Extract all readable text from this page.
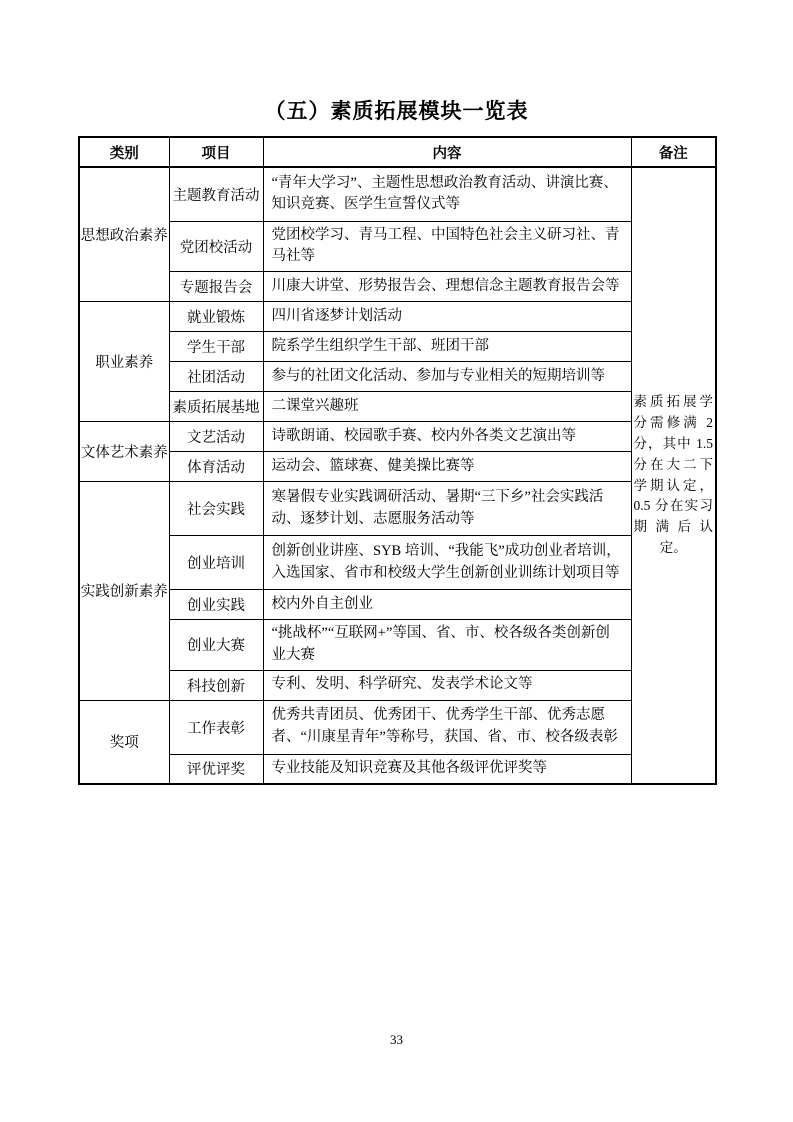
（五）素质拓展模块一览表
类别	项目	内容	备注
思想政治素养	主题教育活动	“青年大学习”、主题性思想政治教育活动、讲演比赛、知识竞赛、医学生宣誓仪式等	素质拓展学分需修满 2 分，其中 1.5 分在大二下学期认定，0.5 分在实习期满后认定。
	党团校活动	党团校学习、青马工程、中国特色社会主义研习社、青马社等	
	专题报告会	川康大讲堂、形势报告会、理想信念主题教育报告会等	
职业素养	就业锻炼	四川省逐梦计划活动	
	学生干部	院系学生组织学生干部、班团干部	
	社团活动	参与的社团文化活动、参加与专业相关的短期培训等	
	素质拓展基地	二课堂兴趣班	
文体艺术素养	文艺活动	诗歌朗诵、校园歌手赛、校内外各类文艺演出等	
	体育活动	运动会、篮球赛、健美操比赛等	
实践创新素养	社会实践	寒暑假专业实践调研活动、暑期“三下乡”社会实践活动、逐梦计划、志愿服务活动等	
	创业培训	创新创业讲座、SYB 培训、“我能飞”成功创业者培训，入选国家、省市和校级大学生创新创业训练计划项目等	
	创业实践	校内外自主创业	
	创业大赛	“挑战杯”“互联网+”等国、省、市、校各级各类创新创业大赛	
	科技创新	专利、发明、科学研究、发表学术论文等	
奖项	工作表彰	优秀共青团员、优秀团干、优秀学生干部、优秀志愿者、“川康星青年”等称号，获国、省、市、校各级表彰	
	评优评奖	专业技能及知识竞赛及其他各级评优评奖等	
33
